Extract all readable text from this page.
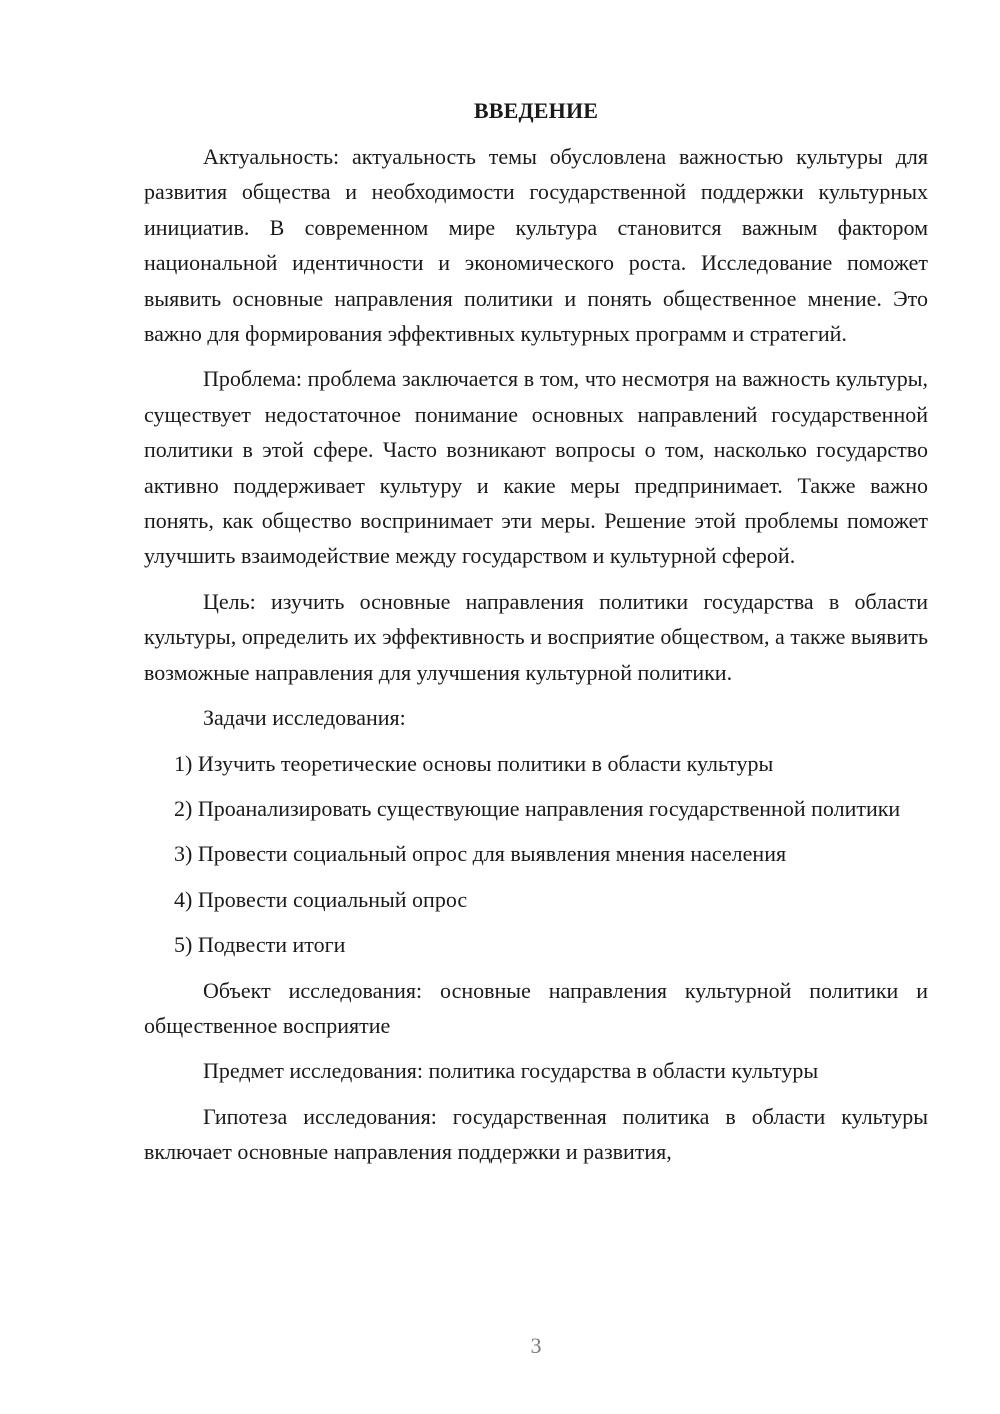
ВВЕДЕНИЕ

Актуальность: актуальность темы обусловлена важностью культуры для развития общества и необходимости государственной поддержки культурных инициатив. В современном мире культура становится важным фактором национальной идентичности и экономического роста. Исследование поможет выявить основные направления политики и понять общественное мнение. Это важно для формирования эффективных культурных программ и стратегий.

Проблема: проблема заключается в том, что несмотря на важность культуры, существует недостаточное понимание основных направлений государственной политики в этой сфере. Часто возникают вопросы о том, насколько государство активно поддерживает культуру и какие меры предпринимает. Также важно понять, как общество воспринимает эти меры. Решение этой проблемы поможет улучшить взаимодействие между государством и культурной сферой.

Цель: изучить основные направления политики государства в области культуры, определить их эффективность и восприятие обществом, а также выявить возможные направления для улучшения культурной политики.

Задачи исследования:

1) Изучить теоретические основы политики в области культуры

2) Проанализировать существующие направления государственной политики

3) Провести социальный опрос для выявления мнения населения

4) Провести социальный опрос

5) Подвести итоги

Объект исследования: основные направления культурной политики и общественное восприятие

Предмет исследования: политика государства в области культуры

Гипотеза исследования: государственная политика в области культуры включает основные направления поддержки и развития,

3
